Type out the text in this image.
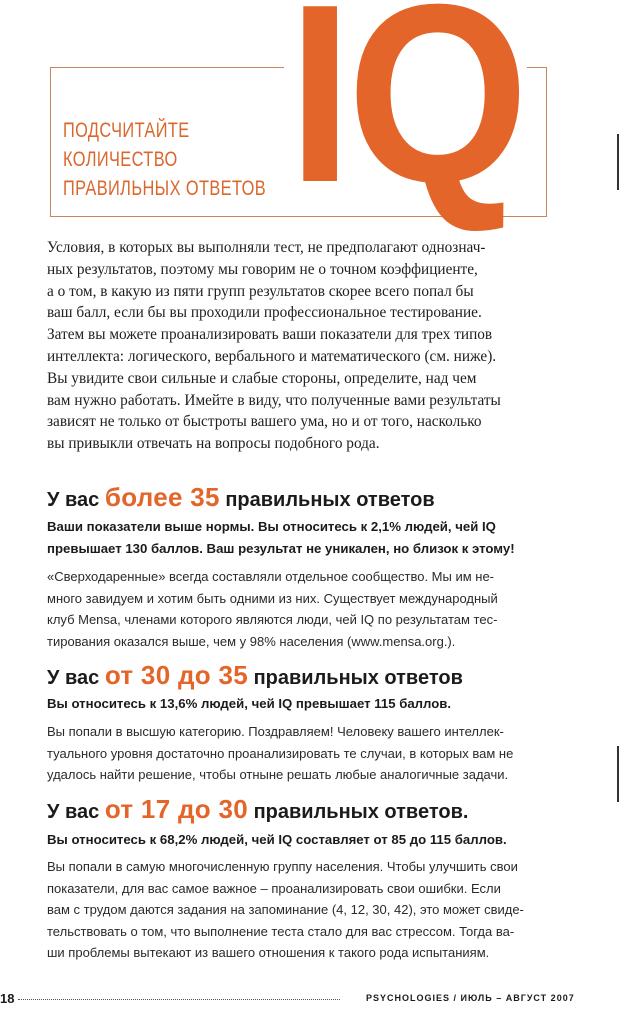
IQ
ПОДСЧИТАЙТЕ
КОЛИЧЕСТВО
ПРАВИЛЬНЫХ ОТВЕТОВ
Условия, в которых вы выполняли тест, не предполагают однознач-
ных результатов, поэтому мы говорим не о точном коэффициенте,
а о том, в какую из пяти групп результатов скорее всего попал бы
ваш балл, если бы вы проходили профессиональное тестирование.
Затем вы можете проанализировать ваши показатели для трех типов
интеллекта: логического, вербального и математического (см. ниже).
Вы увидите свои сильные и слабые стороны, определите, над чем
вам нужно работать. Имейте в виду, что полученные вами результаты
зависят не только от быстроты вашего ума, но и от того, насколько
вы привыкли отвечать на вопросы подобного рода.
У вас более 35 правильных ответов
Ваши показатели выше нормы. Вы относитесь к 2,1% людей, чей IQ
превышает 130 баллов. Ваш результат не уникален, но близок к этому!
«Сверходаренные» всегда составляли отдельное сообщество. Мы им не-
много завидуем и хотим быть одними из них. Существует международный
клуб Mensa, членами которого являются люди, чей IQ по результатам тес-
тирования оказался выше, чем у 98% населения (www.mensa.org.).
У вас от 30 до 35 правильных ответов
Вы относитесь к 13,6% людей, чей IQ превышает 115 баллов.
Вы попали в высшую категорию. Поздравляем! Человеку вашего интеллек-
туального уровня достаточно проанализировать те случаи, в которых вам не
удалось найти решение, чтобы отныне решать любые аналогичные задачи.
У вас от 17 до 30 правильных ответов.
Вы относитесь к 68,2% людей, чей IQ составляет от 85 до 115 баллов.
Вы попали в самую многочисленную группу населения. Чтобы улучшить свои
показатели, для вас самое важное – проанализировать свои ошибки. Если
вам с трудом даются задания на запоминание (4, 12, 30, 42), это может свиде-
тельствовать о том, что выполнение теста стало для вас стрессом. Тогда ва-
ши проблемы вытекают из вашего отношения к такого рода испытаниям.
18	PSYCHOLOGIES / ИЮЛЬ – АВГУСТ 2007
